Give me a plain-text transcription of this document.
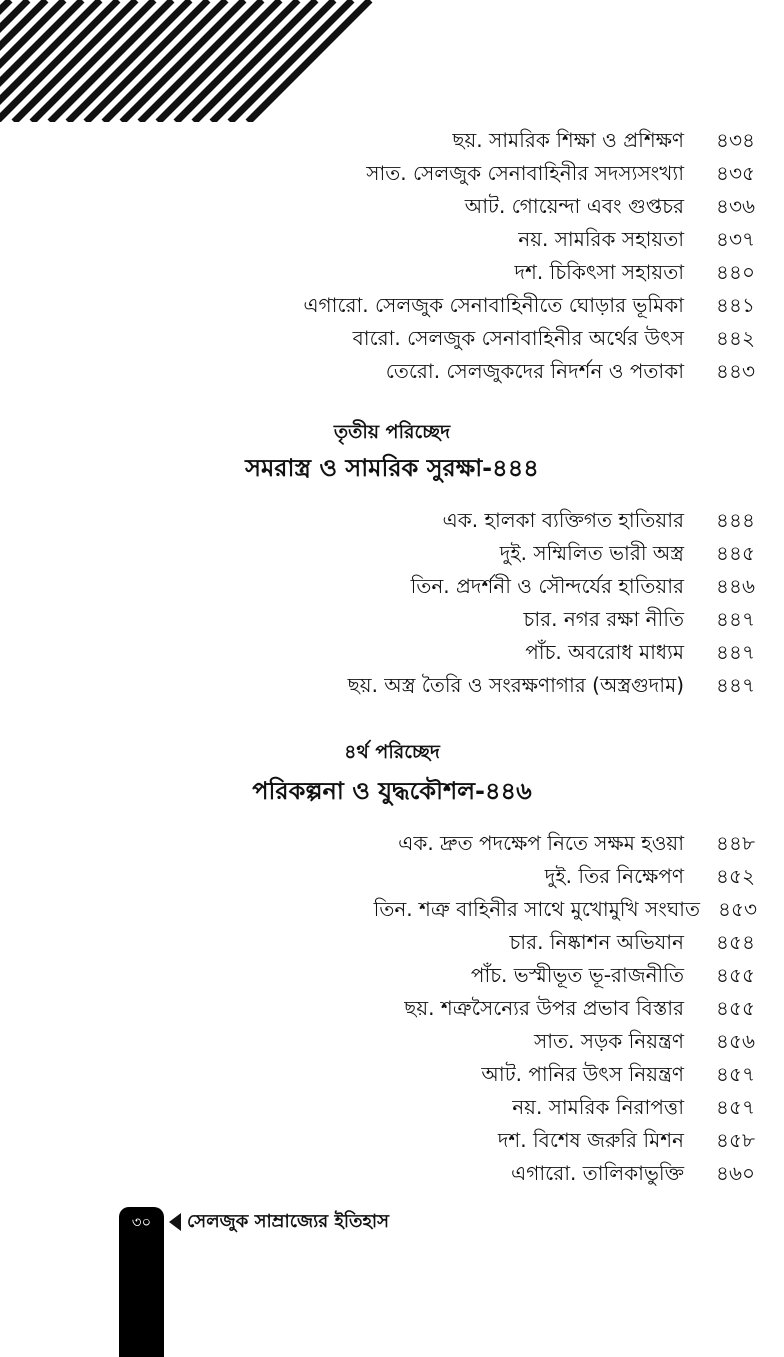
ছয়. সামরিক শিক্ষা ও প্রশিক্ষণ ৪৩৪
সাত. সেলজুক সেনাবাহিনীর সদস্যসংখ্যা ৪৩৫
আট. গোয়েন্দা এবং গুপ্তচর ৪৩৬
নয়. সামরিক সহায়তা ৪৩৭
দশ. চিকিৎসা সহায়তা ৪৪০
এগারো. সেলজুক সেনাবাহিনীতে ঘোড়ার ভূমিকা ৪৪১
বারো. সেলজুক সেনাবাহিনীর অর্থের উৎস ৪৪২
তেরো. সেলজুকদের নিদর্শন ও পতাকা ৪৪৩
তৃতীয় পরিচ্ছেদ
সমরাস্ত্র ও সামরিক সুরক্ষা-৪৪৪
এক. হালকা ব্যক্তিগত হাতিয়ার ৪৪৪
দুই. সম্মিলিত ভারী অস্ত্র ৪৪৫
তিন. প্রদর্শনী ও সৌন্দর্যের হাতিয়ার ৪৪৬
চার. নগর রক্ষা নীতি ৪৪৭
পাঁচ. অবরোধ মাধ্যম ৪৪৭
ছয়. অস্ত্র তৈরি ও সংরক্ষণাগার (অস্ত্রগুদাম) ৪৪৭
৪র্থ পরিচ্ছেদ
পরিকল্পনা ও যুদ্ধকৌশল-৪৪৬
এক. দ্রুত পদক্ষেপ নিতে সক্ষম হওয়া ৪৪৮
দুই. তির নিক্ষেপণ ৪৫২
তিন. শত্রু বাহিনীর সাথে মুখোমুখি সংঘাত ৪৫৩
চার. নিষ্কাশন অভিযান ৪৫৪
পাঁচ. ভস্মীভূত ভূ-রাজনীতি ৪৫৫
ছয়. শত্রুসৈন্যের উপর প্রভাব বিস্তার ৪৫৫
সাত. সড়ক নিয়ন্ত্রণ ৪৫৬
আট. পানির উৎস নিয়ন্ত্রণ ৪৫৭
নয়. সামরিক নিরাপত্তা ৪৫৭
দশ. বিশেষ জরুরি মিশন ৪৫৮
এগারো. তালিকাভুক্তি ৪৬০
৩০	সেলজুক সাম্রাজ্যের ইতিহাস
